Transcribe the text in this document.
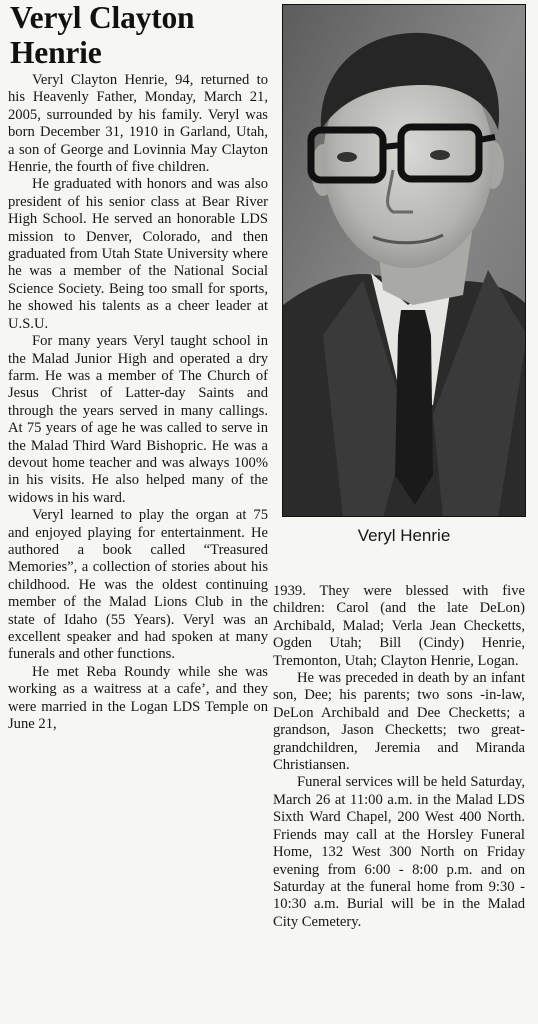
Veryl Clayton Henrie

Veryl Clayton Henrie, 94, returned to his Heavenly Father, Monday, March 21, 2005, surrounded by his family. Veryl was born December 31, 1910 in Garland, Utah, a son of George and Lovinnia May Clayton Henrie, the fourth of five children.

He graduated with honors and was also president of his senior class at Bear River High School. He served an honorable LDS mission to Denver, Colorado, and then graduated from Utah State University where he was a member of the National Social Science Society. Being too small for sports, he showed his talents as a cheer leader at U.S.U.

For many years Veryl taught school in the Malad Junior High and operated a dry farm. He was a member of The Church of Jesus Christ of Latter-day Saints and through the years served in many callings. At 75 years of age he was called to serve in the Malad Third Ward Bishopric. He was a devout home teacher and was always 100% in his visits. He also helped many of the widows in his ward.

Veryl learned to play the organ at 75 and enjoyed playing for entertainment. He authored a book called “Treasured Memories”, a collection of stories about his childhood. He was the oldest continuing member of the Malad Lions Club in the state of Idaho (55 Years). Veryl was an excellent speaker and had spoken at many funerals and other functions.

He met Reba Roundy while she was working as a waitress at a cafe’, and they were married in the Logan LDS Temple on June 21,

Veryl Henrie

1939. They were blessed with five children: Carol (and the late DeLon) Archibald, Malad; Verla Jean Checketts, Ogden Utah; Bill (Cindy) Henrie, Tremonton, Utah; Clayton Henrie, Logan.

He was preceded in death by an infant son, Dee; his parents; two sons -in-law, DeLon Archibald and Dee Checketts; a grandson, Jason Checketts; two great-grandchildren, Jeremia and Miranda Christiansen.

Funeral services will be held Saturday, March 26 at 11:00 a.m. in the Malad LDS Sixth Ward Chapel, 200 West 400 North. Friends may call at the Horsley Funeral Home, 132 West 300 North on Friday evening from 6:00 - 8:00 p.m. and on Saturday at the funeral home from 9:30 - 10:30 a.m. Burial will be in the Malad City Cemetery.
